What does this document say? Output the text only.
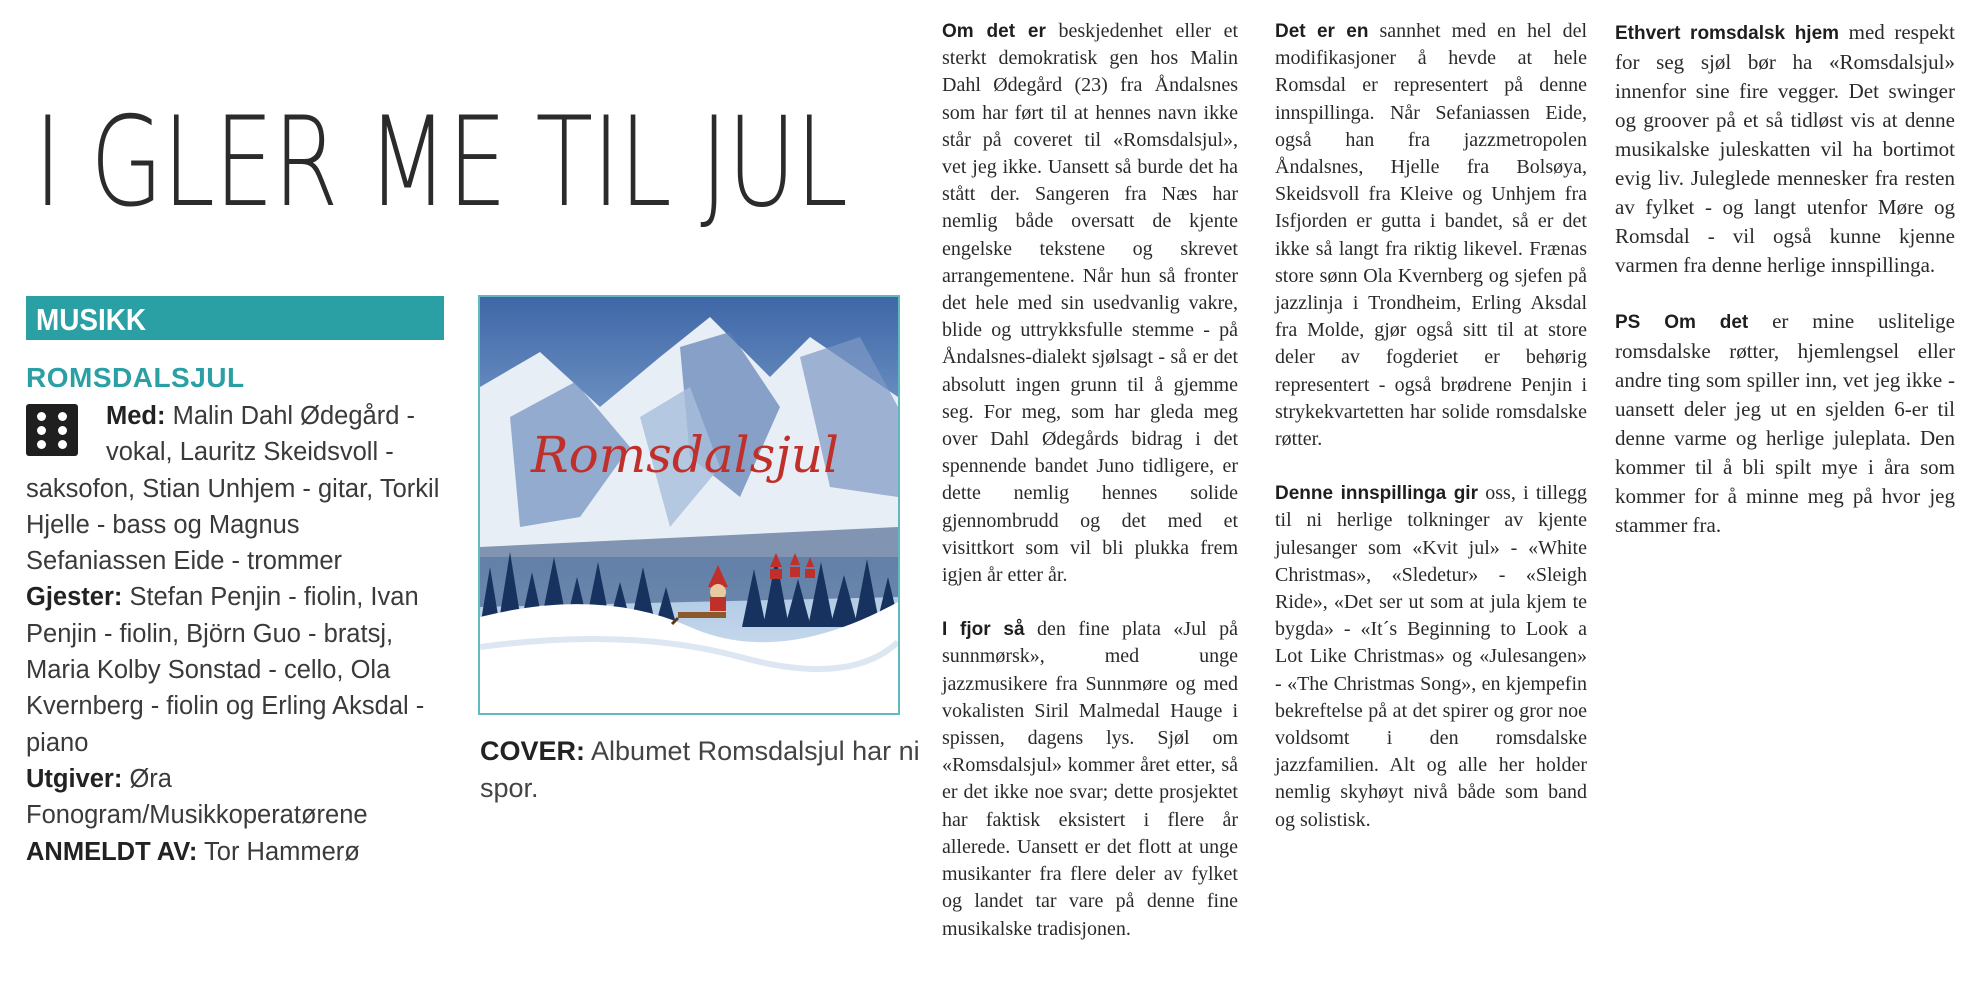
I GLER ME TIL JUL
MUSIKK
ROMSDALSJUL

Med: Malin Dahl Ødegård - vokal, Lauritz Skeidsvoll - saksofon, Stian Unhjem - gitar, Torkil Hjelle - bass og Magnus Sefaniassen Eide - trommer

Gjester: Stefan Penjin - fiolin, Ivan Penjin - fiolin, Björn Guo - bratsj, Maria Kolby Sonstad - cello, Ola Kvernberg - fiolin og Erling Aksdal - piano

Utgiver: Øra Fonogram/Musikkoperatørene

ANMELDT AV: Tor Hammerø

Romsdalsjul
COVER: Albumet Romsdalsjul har ni spor.

Om det er beskjedenhet eller et sterkt demokratisk gen hos Malin Dahl Ødegård (23) fra Åndalsnes som har ført til at hennes navn ikke står på coveret til «Romsdalsjul», vet jeg ikke. Uansett så burde det ha stått der. Sangeren fra Næs har nemlig både oversatt de kjente engelske tekstene og skrevet arrangementene. Når hun så fronter det hele med sin usedvanlig vakre, blide og uttrykksfulle stemme - på Åndalsnes-dialekt sjølsagt - så er det absolutt ingen grunn til å gjemme seg. For meg, som har gleda meg over Dahl Ødegårds bidrag i det spennende bandet Juno tidligere, er dette nemlig hennes solide gjennombrudd og det med et visittkort som vil bli plukka frem igjen år etter år.

I fjor så den fine plata «Jul på sunnmørsk», med unge jazzmusikere fra Sunnmøre og med vokalisten Siril Malmedal Hauge i spissen, dagens lys. Sjøl om «Romsdalsjul» kommer året etter, så er det ikke noe svar; dette prosjektet har faktisk eksistert i flere år allerede. Uansett er det flott at unge musikanter fra flere deler av fylket og landet tar vare på denne fine musikalske tradisjonen.

Det er en sannhet med en hel del modifikasjoner å hevde at hele Romsdal er representert på denne innspillinga. Når Sefaniassen Eide, også han fra jazzmetropolen Åndalsnes, Hjelle fra Bolsøya, Skeidsvoll fra Kleive og Unhjem fra Isfjorden er gutta i bandet, så er det ikke så langt fra riktig likevel. Frænas store sønn Ola Kvernberg og sjefen på jazzlinja i Trondheim, Erling Aksdal fra Molde, gjør også sitt til at store deler av fogderiet er behørig representert - også brødrene Penjin i strykekvartetten har solide romsdalske røtter.

Denne innspillinga gir oss, i tillegg til ni herlige tolkninger av kjente julesanger som «Kvit jul» - «White Christmas», «Sledetur» - «Sleigh Ride», «Det ser ut som at jula kjem te bygda» - «It´s Beginning to Look a Lot Like Christmas» og «Julesangen» - «The Christmas Song», en kjempefin bekreftelse på at det spirer og gror noe voldsomt i den romsdalske jazzfamilien. Alt og alle her holder nemlig skyhøyt nivå både som band og solistisk.

Ethvert romsdalsk hjem med respekt for seg sjøl bør ha «Romsdalsjul» innenfor sine fire vegger. Det swinger og groover på et så tidløst vis at denne musikalske juleskatten vil ha bortimot evig liv. Juleglede mennesker fra resten av fylket - og langt utenfor Møre og Romsdal - vil også kunne kjenne varmen fra denne herlige innspillinga.

PS Om det er mine uslitelige romsdalske røtter, hjemlengsel eller andre ting som spiller inn, vet jeg ikke - uansett deler jeg ut en sjelden 6-er til denne varme og herlige juleplata. Den kommer til å bli spilt mye i åra som kommer for å minne meg på hvor jeg stammer fra.
